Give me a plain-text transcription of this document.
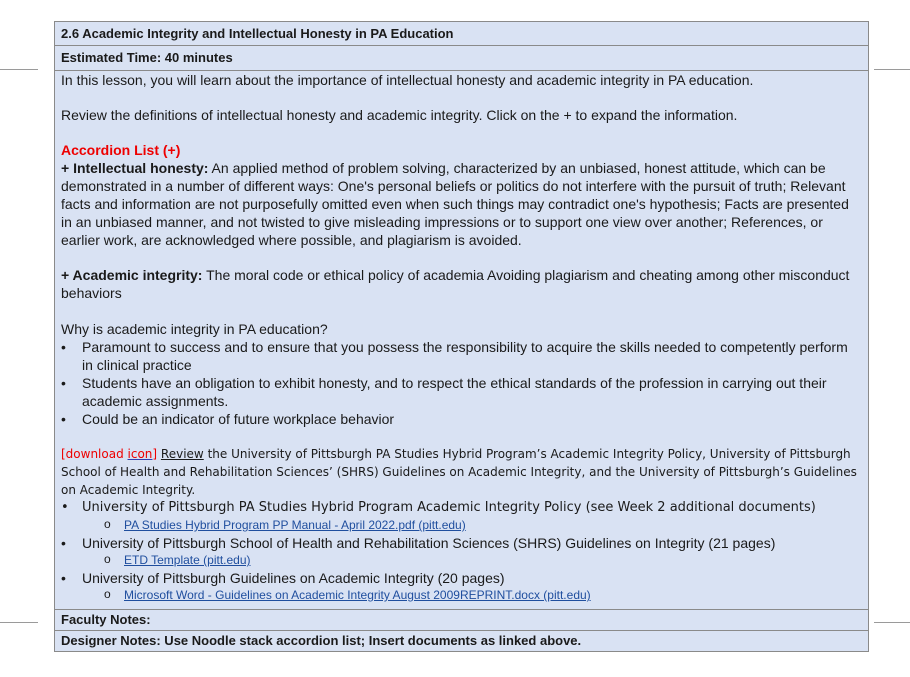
2.6 Academic Integrity and Intellectual Honesty in PA Education
Estimated Time: 40 minutes

In this lesson, you will learn about the importance of intellectual honesty and academic integrity in PA education.

Review the definitions of intellectual honesty and academic integrity. Click on the + to expand the information.

Accordion List (+)

+ Intellectual honesty: An applied method of problem solving, characterized by an unbiased, honest attitude, which can be demonstrated in a number of different ways: One's personal beliefs or politics do not interfere with the pursuit of truth; Relevant facts and information are not purposefully omitted even when such things may contradict one's hypothesis; Facts are presented in an unbiased manner, and not twisted to give misleading impressions or to support one view over another; References, or earlier work, are acknowledged where possible, and plagiarism is avoided.

+ Academic integrity: The moral code or ethical policy of academia Avoiding plagiarism and cheating among other misconduct behaviors

Why is academic integrity in PA education?

• Paramount to success and to ensure that you possess the responsibility to acquire the skills needed to competently perform in clinical practice
• Students have an obligation to exhibit honesty, and to respect the ethical standards of the profession in carrying out their academic assignments.
• Could be an indicator of future workplace behavior

[download icon] Review the University of Pittsburgh PA Studies Hybrid Program’s Academic Integrity Policy, University of Pittsburgh School of Health and Rehabilitation Sciences’ (SHRS) Guidelines on Academic Integrity, and the University of Pittsburgh’s Guidelines on Academic Integrity.

• University of Pittsburgh PA Studies Hybrid Program Academic Integrity Policy (see Week 2 additional documents)
o PA Studies Hybrid Program PP Manual - April 2022.pdf (pitt.edu)
• University of Pittsburgh School of Health and Rehabilitation Sciences (SHRS) Guidelines on Integrity (21 pages)
o ETD Template (pitt.edu)
• University of Pittsburgh Guidelines on Academic Integrity (20 pages)
o Microsoft Word - Guidelines on Academic Integrity August 2009REPRINT.docx (pitt.edu)
Faculty Notes:
Designer Notes: Use Noodle stack accordion list; Insert documents as linked above.
